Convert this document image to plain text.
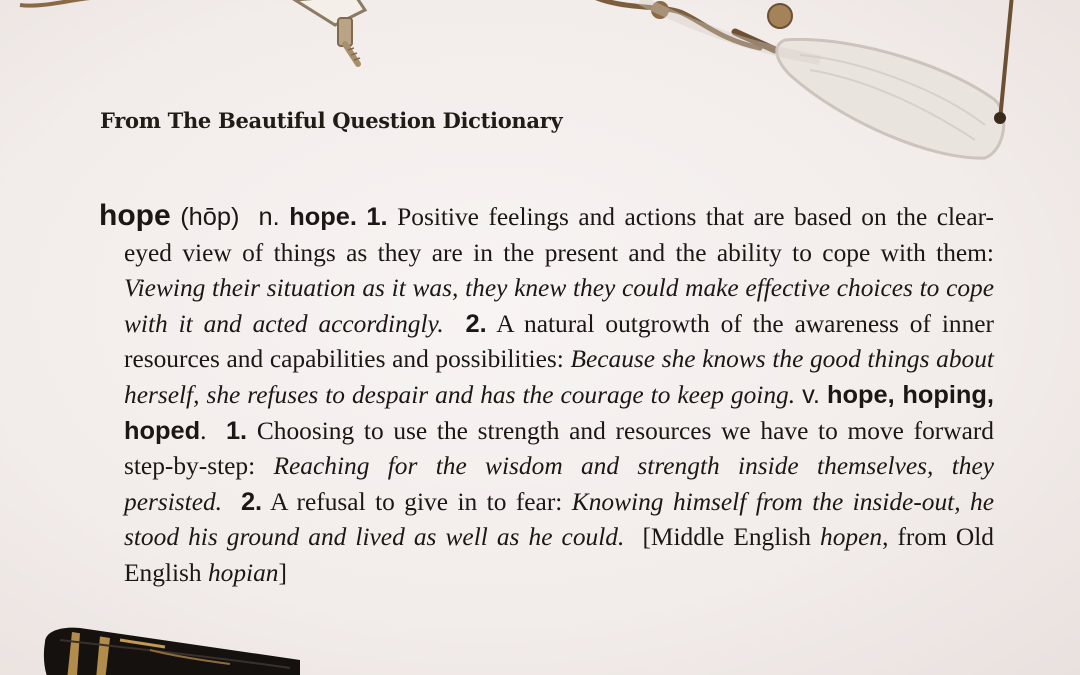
From The Beautiful Question Dictionary
hope (hōp) n. hope. 1. Positive feelings and actions that are based on the clear-eyed view of things as they are in the present and the ability to cope with them: Viewing their situation as it was, they knew they could make effective choices to cope with it and acted accordingly. 2. A natural outgrowth of the awareness of inner resources and capabilities and possibilities: Because she knows the good things about herself, she refuses to despair and has the courage to keep going. v. hope, hoping, hoped.  1. Choosing to use the strength and resources we have to move forward step-by-step: Reaching for the wisdom and strength inside themselves, they persisted. 2. A refusal to give in to fear: Knowing himself from the inside-out, he stood his ground and lived as well as he could. [Middle English hopen, from Old English hopian]
